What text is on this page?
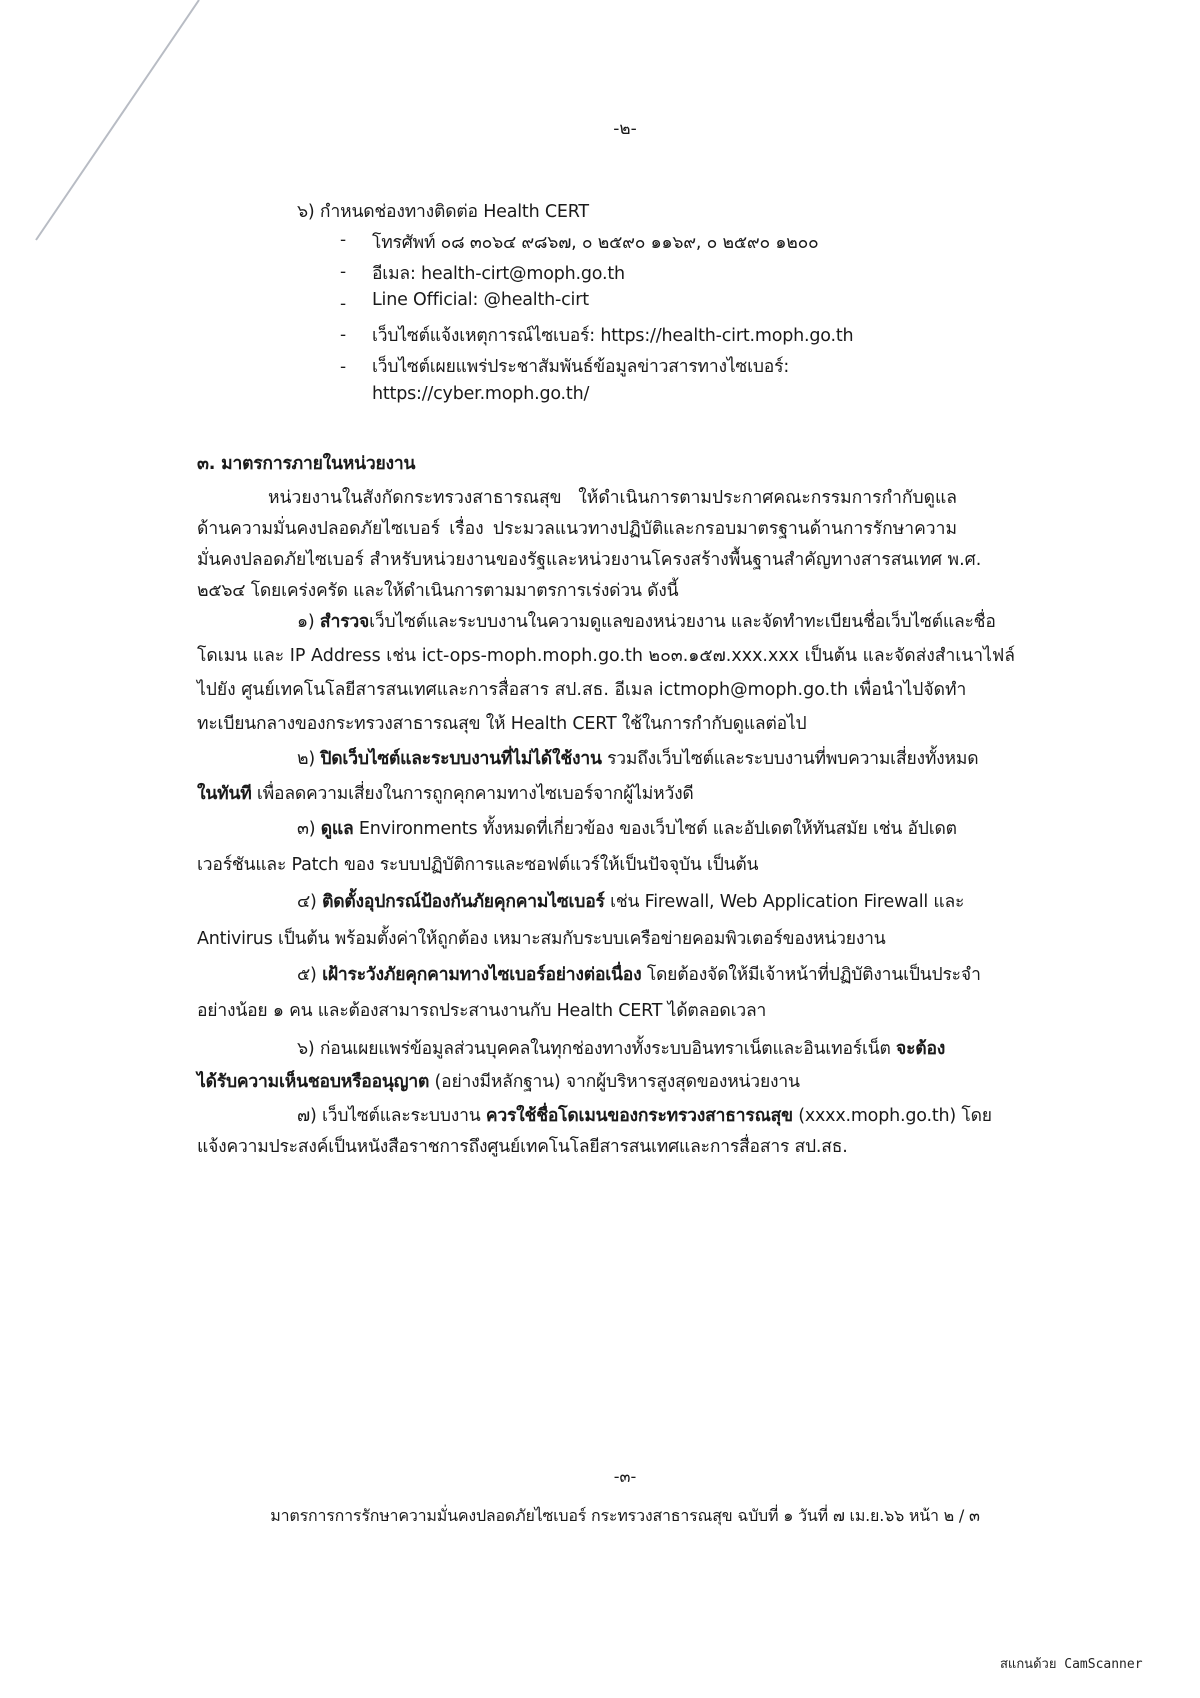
-๒-
๖) กำหนดช่องทางติดต่อ Health CERT
- โทรศัพท์ ๐๘ ๓๐๖๔ ๙๘๖๗, ๐ ๒๕๙๐ ๑๑๖๙, ๐ ๒๕๙๐ ๑๒๐๐
- อีเมล: health-cirt@moph.go.th
- Line Official: @health-cirt
- เว็บไซต์แจ้งเหตุการณ์ไซเบอร์: https://health-cirt.moph.go.th
- เว็บไซต์เผยแพร่ประชาสัมพันธ์ข้อมูลข่าวสารทางไซเบอร์:
https://cyber.moph.go.th/
๓. มาตรการภายในหน่วยงาน
หน่วยงานในสังกัดกระทรวงสาธารณสุข ให้ดำเนินการตามประกาศคณะกรรมการกำกับดูแล
ด้านความมั่นคงปลอดภัยไซเบอร์ เรื่อง ประมวลแนวทางปฏิบัติและกรอบมาตรฐานด้านการรักษาความ
มั่นคงปลอดภัยไซเบอร์ สำหรับหน่วยงานของรัฐและหน่วยงานโครงสร้างพื้นฐานสำคัญทางสารสนเทศ พ.ศ.
๒๕๖๔ โดยเคร่งครัด และให้ดำเนินการตามมาตรการเร่งด่วน ดังนี้
๑) สำรวจเว็บไซต์และระบบงานในความดูแลของหน่วยงาน และจัดทำทะเบียนชื่อเว็บไซต์และชื่อ
โดเมน และ IP Address เช่น ict-ops-moph.moph.go.th ๒๐๓.๑๕๗.xxx.xxx เป็นต้น และจัดส่งสำเนาไฟล์
ไปยัง ศูนย์เทคโนโลยีสารสนเทศและการสื่อสาร สป.สธ. อีเมล ictmoph@moph.go.th เพื่อนำไปจัดทำ
ทะเบียนกลางของกระทรวงสาธารณสุข ให้ Health CERT ใช้ในการกำกับดูแลต่อไป
๒) ปิดเว็บไซต์และระบบงานที่ไม่ได้ใช้งาน รวมถึงเว็บไซต์และระบบงานที่พบความเสี่ยงทั้งหมด
ในทันที เพื่อลดความเสี่ยงในการถูกคุกคามทางไซเบอร์จากผู้ไม่หวังดี
๓) ดูแล Environments ทั้งหมดที่เกี่ยวข้อง ของเว็บไซต์ และอัปเดตให้ทันสมัย เช่น อัปเดต
เวอร์ชันและ Patch ของ ระบบปฏิบัติการและซอฟต์แวร์ให้เป็นปัจจุบัน เป็นต้น
๔) ติดตั้งอุปกรณ์ป้องกันภัยคุกคามไซเบอร์ เช่น Firewall, Web Application Firewall และ
Antivirus เป็นต้น พร้อมตั้งค่าให้ถูกต้อง เหมาะสมกับระบบเครือข่ายคอมพิวเตอร์ของหน่วยงาน
๕) เฝ้าระวังภัยคุกคามทางไซเบอร์อย่างต่อเนื่อง โดยต้องจัดให้มีเจ้าหน้าที่ปฏิบัติงานเป็นประจำ
อย่างน้อย ๑ คน และต้องสามารถประสานงานกับ Health CERT ได้ตลอดเวลา
๖) ก่อนเผยแพร่ข้อมูลส่วนบุคคลในทุกช่องทางทั้งระบบอินทราเน็ตและอินเทอร์เน็ต จะต้อง
ได้รับความเห็นชอบหรืออนุญาต (อย่างมีหลักฐาน) จากผู้บริหารสูงสุดของหน่วยงาน
๗) เว็บไซต์และระบบงาน ควรใช้ชื่อโดเมนของกระทรวงสาธารณสุข (xxxx.moph.go.th) โดย
แจ้งความประสงค์เป็นหนังสือราชการถึงศูนย์เทคโนโลยีสารสนเทศและการสื่อสาร สป.สธ.
-๓-
มาตรการการรักษาความมั่นคงปลอดภัยไซเบอร์ กระทรวงสาธารณสุข ฉบับที่ ๑ วันที่ ๗ เม.ย.๖๖ หน้า ๒ / ๓
สแกนด้วย CamScanner
